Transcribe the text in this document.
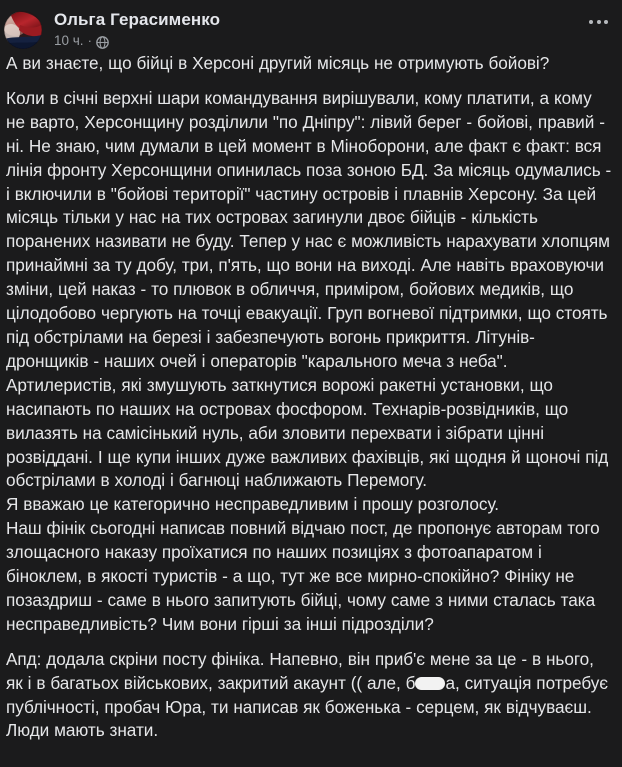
Ольга Герасименко
10 ч. ·

А ви знаєте, що бійці в Херсоні другий місяць не отримують бойові?

Коли в січні верхні шари командування вирішували, кому платити, а кому не варто, Херсонщину розділили "по Дніпру": лівий берег - бойові, правий - ні. Не знаю, чим думали в цей момент в Міноборони, але факт є факт: вся лінія фронту Херсонщини опинилась поза зоною БД. За місяць одумались - і включили в "бойові території" частину островів і плавнів Херсону. За цей місяць тільки у нас на тих островах загинули двоє бійців - кількість поранених називати не буду. Тепер у нас є можливість нарахувати хлопцям принаймні за ту добу, три, п'ять, що вони на виході. Але навіть враховуючи зміни, цей наказ - то плювок в обличчя, приміром, бойових медиків, що цілодобово чергують на точці евакуації. Груп вогневої підтримки, що стоять під обстрілами на березі і забезпечують вогонь прикриття. Літунів-дронщиків - наших очей і операторів "карального меча з неба". Артилеристів, які змушують заткнутися ворожі ракетні установки, що насипають по наших на островах фосфором. Технарів-розвідників, що вилазять на самісінький нуль, аби зловити перехвати і зібрати цінні розвіддані. І ще купи інших дуже важливих фахівців, які щодня й щоночі під обстрілами в холоді і багнюці наближають Перемогу.

Я вважаю це категорично несправедливим і прошу розголосу.

Наш фінік сьогодні написав повний відчаю пост, де пропонує авторам того злощасного наказу проїхатися по наших позиціях з фотоапаратом і біноклем, в якості туристів - а що, тут же все мирно-спокійно? Фініку не позаздриш - саме в нього запитують бійці, чому саме з ними сталась така несправедливість? Чим вони гірші за інші підрозділи?

Апд: додала скріни посту фініка. Напевно, він приб'є мене за це - в нього, як і в багатьох військових, закритий акаунт (( але, б а, ситуація потребує публічності, пробач Юра, ти написав як боженька - серцем, як відчуваєш. Люди мають знати.
